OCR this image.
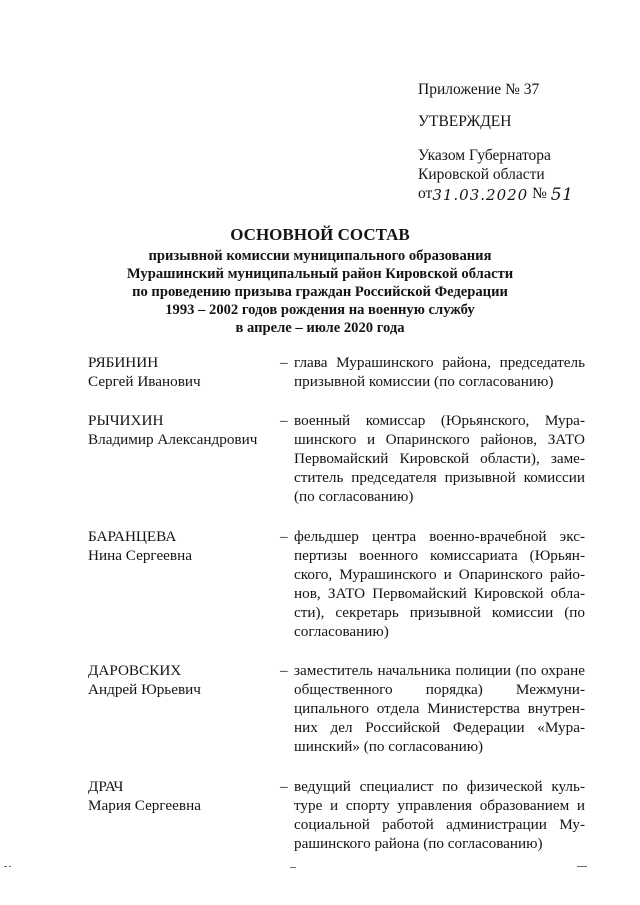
Приложение № 37
УТВЕРЖДЕН
Указом Губернатора
Кировской области
от31.03.2020 № 51
ОСНОВНОЙ СОСТАВ
призывной комиссии муниципального образования
Мурашинский муниципальный район Кировской области
по проведению призыва граждан Российской Федерации
1993 – 2002 годов рождения на военную службу
в апреле – июле 2020 года
РЯБИНИН
Сергей Иванович
– глава Мурашинского района, председатель призывной комиссии (по согласованию)
РЫЧИХИН
Владимир Александрович
– военный комиссар (Юрьянского, Мурашинского и Опаринского районов, ЗАТО Первомайский Кировской области), заместитель председателя призывной комиссии (по согласованию)
БАРАНЦЕВА
Нина Сергеевна
– фельдшер центра военно-врачебной экспертизы военного комиссариата (Юрьянского, Мурашинского и Опаринского районов, ЗАТО Первомайский Кировской области), секретарь призывной комиссии (по согласованию)
ДАРОВСКИХ
Андрей Юрьевич
– заместитель начальника полиции (по охране общественного порядка) Межмуниципального отдела Министерства внутренних дел Российской Федерации «Мурашинский» (по согласованию)
ДРАЧ
Мария Сергеевна
– ведущий специалист по физической культуре и спорту управления образованием и социальной работой администрации Мурашинского района (по согласованию)
